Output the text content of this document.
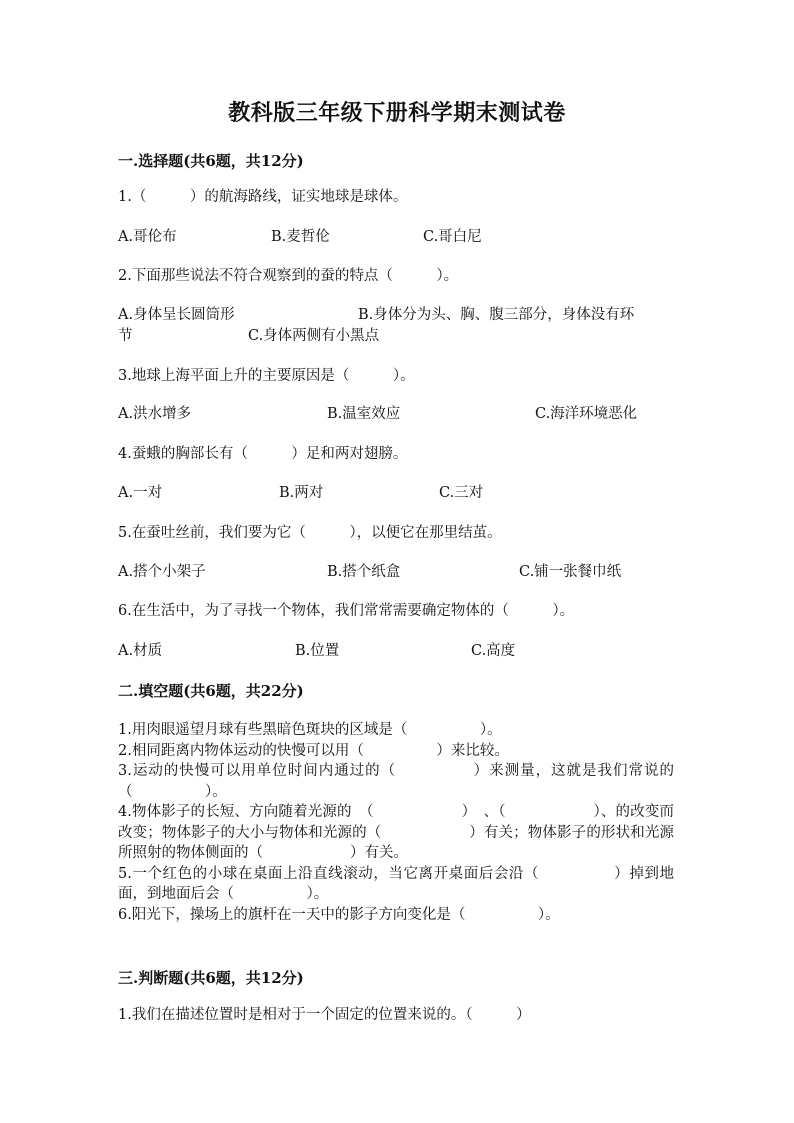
教科版三年级下册科学期末测试卷
一.选择题(共6题，共12分)
1.（　　　）的航海路线，证实地球是球体。
A.哥伦布	B.麦哲伦	C.哥白尼
2.下面那些说法不符合观察到的蚕的特点（　　　）。
A.身体呈长圆筒形	B.身体分为头、胸、腹三部分，身体没有环
节	C.身体两侧有小黑点
3.地球上海平面上升的主要原因是（　　　）。
A.洪水增多	B.温室效应	C.海洋环境恶化
4.蚕蛾的胸部长有（　　　）足和两对翅膀。
A.一对	B.两对	C.三对
5.在蚕吐丝前，我们要为它（　　　），以便它在那里结茧。
A.搭个小架子	B.搭个纸盒	C.铺一张餐巾纸
6.在生活中，为了寻找一个物体，我们常常需要确定物体的（　　　）。
A.材质	B.位置	C.高度
二.填空题(共6题，共22分)
1.用肉眼遥望月球有些黑暗色斑块的区域是（　　　　　）。
2.相同距离内物体运动的快慢可以用（　　　　　）来比较。
3.运动的快慢可以用单位时间内通过的（　　　　　）来测量，这就是我们常说的（　　　　　）。
4.物体影子的长短、方向随着光源的　（　　　　　　）　、（　　　　　　）、的改变而改变；物体影子的大小与物体和光源的（　　　　　　）有关；物体影子的形状和光源所照射的物体侧面的（　　　　　　）有关。
5.一个红色的小球在桌面上沿直线滚动，当它离开桌面后会沿（　　　　　）掉到地面，到地面后会（　　　　　）。
6.阳光下，操场上的旗杆在一天中的影子方向变化是（　　　　　）。
三.判断题(共6题，共12分)
1.我们在描述位置时是相对于一个固定的位置来说的。（　　　）
